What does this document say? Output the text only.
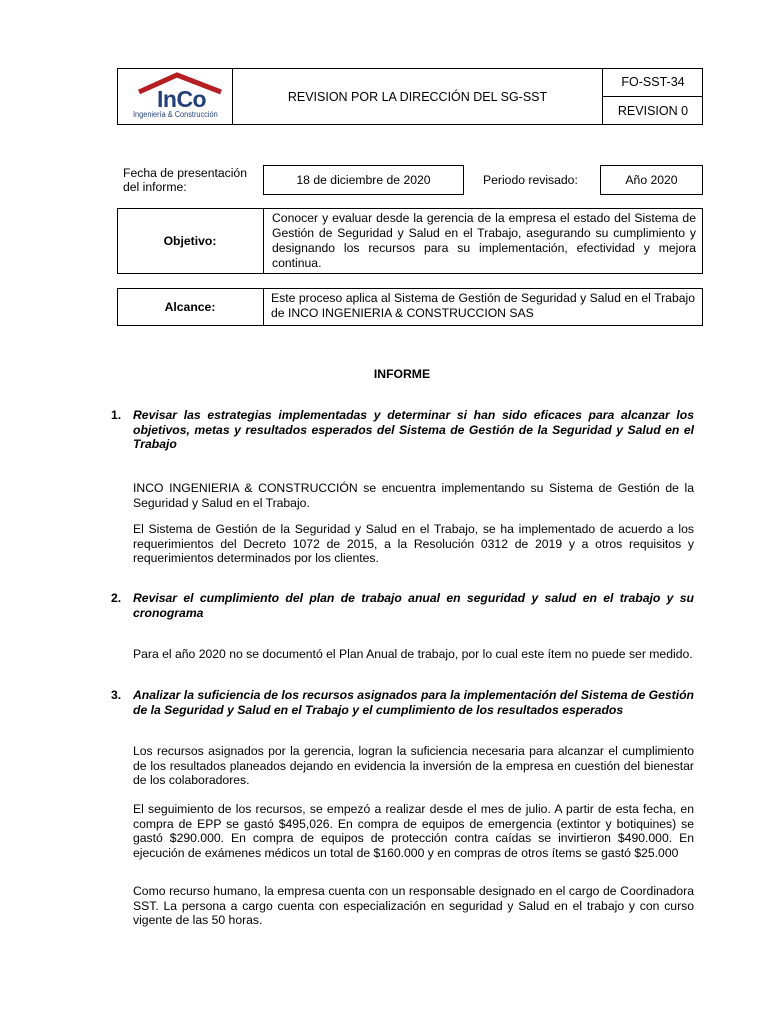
InCo
Ingeniería & Construcción
REVISION POR LA DIRECCIÓN DEL SG-SST
FO-SST-34
REVISION 0
Fecha de presentación del informe:	18 de diciembre de 2020	Periodo revisado:	Año 2020
Objetivo:
Conocer y evaluar desde la gerencia de la empresa el estado del Sistema de Gestión de Seguridad y Salud en el Trabajo, asegurando su cumplimiento y designando los recursos para su implementación, efectividad y mejora continua.
Alcance:
Este proceso aplica al Sistema de Gestión de Seguridad y Salud en el Trabajo de INCO INGENIERIA & CONSTRUCCION SAS
INFORME
1. Revisar las estrategias implementadas y determinar si han sido eficaces para alcanzar los objetivos, metas y resultados esperados del Sistema de Gestión de la Seguridad y Salud en el Trabajo

INCO INGENIERIA & CONSTRUCCIÓN se encuentra implementando su Sistema de Gestión de la Seguridad y Salud en el Trabajo.

El Sistema de Gestión de la Seguridad y Salud en el Trabajo, se ha implementado de acuerdo a los requerimientos del Decreto 1072 de 2015, a la Resolución 0312 de 2019 y a otros requisitos y requerimientos determinados por los clientes.

2. Revisar el cumplimiento del plan de trabajo anual en seguridad y salud en el trabajo y su cronograma

Para el año 2020 no se documentó el Plan Anual de trabajo, por lo cual este ítem no puede ser medido.

3. Analizar la suficiencia de los recursos asignados para la implementación del Sistema de Gestión de la Seguridad y Salud en el Trabajo y el cumplimiento de los resultados esperados

Los recursos asignados por la gerencia, logran la suficiencia necesaria para alcanzar el cumplimiento de los resultados planeados dejando en evidencia la inversión de la empresa en cuestión del bienestar de los colaboradores.

El seguimiento de los recursos, se empezó a realizar desde el mes de julio. A partir de esta fecha, en compra de EPP se gastó $495,026. En compra de equipos de emergencia (extintor y botiquines) se gastó $290.000. En compra de equipos de protección contra caídas se invirtieron $490.000. En ejecución de exámenes médicos un total de $160.000 y en compras de otros ítems se gastó $25.000

Como recurso humano, la empresa cuenta con un responsable designado en el cargo de Coordinadora SST. La persona a cargo cuenta con especialización en seguridad y Salud en el trabajo y con curso vigente de las 50 horas.
